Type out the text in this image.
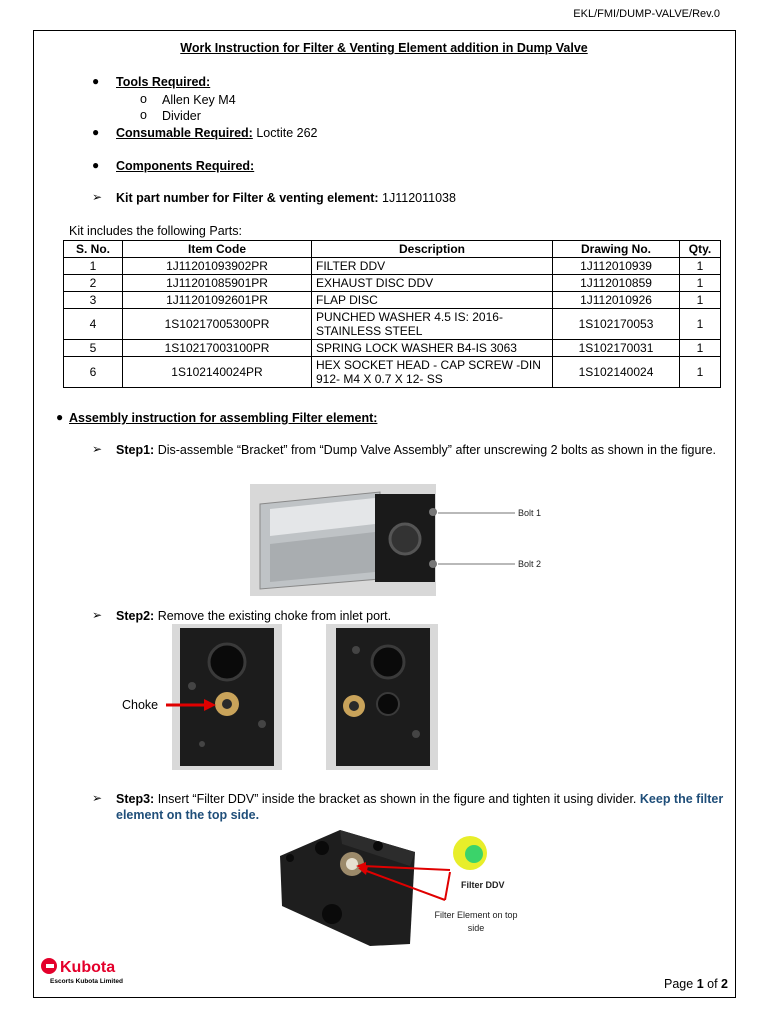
EKL/FMI/DUMP-VALVE/Rev.0
Work Instruction for Filter & Venting Element addition in Dump Valve
● Tools Required:
o Allen Key M4
o Divider
● Consumable Required: Loctite 262
● Components Required:
➢ Kit part number for Filter & venting element: 1J112011038
Kit includes the following Parts:
S. No.	Item Code	Description	Drawing No.	Qty.
1	1J11201093902PR	FILTER DDV	1J112010939	1
2	1J11201085901PR	EXHAUST DISC DDV	1J112010859	1
3	1J11201092601PR	FLAP DISC	1J112010926	1
4	1S10217005300PR	PUNCHED WASHER 4.5 IS: 2016-STAINLESS STEEL	1S102170053	1
5	1S10217003100PR	SPRING LOCK WASHER B4-IS 3063	1S102170031	1
6	1S102140024PR	HEX SOCKET HEAD - CAP SCREW -DIN 912- M4 X 0.7 X 12- SS	1S102140024	1
● Assembly instruction for assembling Filter element:
➢ Step1: Dis-assemble “Bracket” from “Dump Valve Assembly” after unscrewing 2 bolts as shown in the figure.
Bolt 1
Bolt 2
➢ Step2: Remove the existing choke from inlet port.
Choke
➢ Step3: Insert “Filter DDV” inside the bracket as shown in the figure and tighten it using divider. Keep the filter element on the top side.
Filter DDV
Filter Element on top side
Kubota
Escorts Kubota Limited	Page 1 of 2
